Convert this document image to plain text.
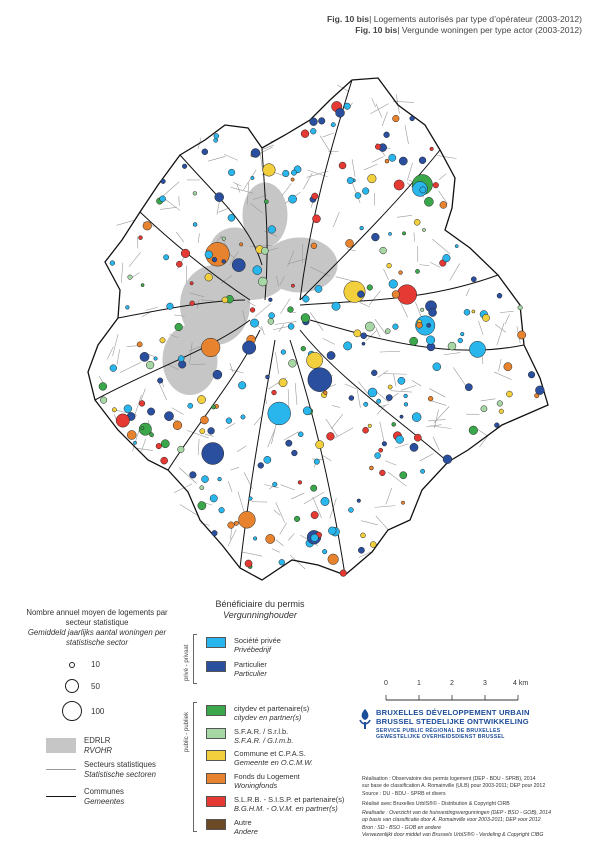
Fig. 10 bis| Logements autorisés par type d’opérateur (2003-2012)
Fig. 10 bis| Vergunde woningen per type actor (2003-2012)
Nombre annuel moyen de logements par secteur statistique
Gemiddeld jaarlijks aantal woningen per statistische sector
10
50
100
EDRLR
RVOHR
Secteurs statistiques
Statistische sectoren
Communes
Gemeentes
Bénéficiaire du permis
Vergunninghouder
privé - privaat
public - publiek
Société privée
Privébedrijf
Particulier
Particulier
citydev et partenaire(s)
citydev en partner(s)
S.F.A.R. / S.r.l.b.
S.F.A.R. / G.I.m.b.
Commune et C.P.A.S.
Gemeente en O.C.M.W.
Fonds du Logement
Woningfonds
S.L.R.B. - S.I.S.P. et partenaire(s)
B.G.H.M. - O.V.M. en partner(s)
Autre
Andere
0	1	2	3	4 km
BRUXELLES DÉVELOPPEMENT URBAIN
BRUSSEL STEDELIJKE ONTWIKKELING
SERVICE PUBLIC RÉGIONAL DE BRUXELLES
GEWESTELIJKE OVERHEIDSDIENST BRUSSEL
Réalisation : Observatoire des permis logement (DEP - BDU - SPRB), 2014
sur base de classification A. Romainville (ULB) pour 2003-2011; DEP pour 2012
Source : DU - BDU - SPRB et divers
Réalisé avec Bruxelles UrbIS®© - Distribution & Copyright CIRB
Realisatie : Overzicht van de huisvestingsvergunningen (DEP - BSO - GOB), 2014
op basis van classificatie door A. Romainville voor 2003-2011; DEP voor 2012
Bron : SD - BSO - GOB en andere
Verwezenlijkt door middel van Brussels UrbIS®© - Verdeling & Copyright CIBG
